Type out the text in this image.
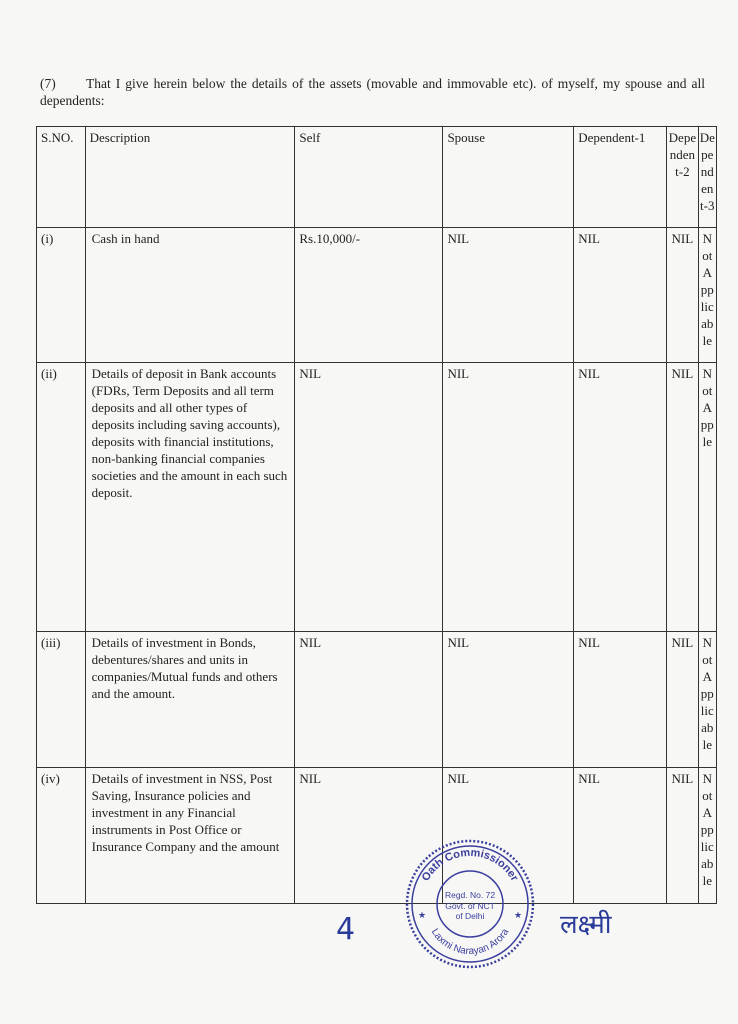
(7) That I give herein below the details of the assets (movable and immovable etc). of myself, my spouse and all dependents:
S.NO.	Description	Self	Spouse	Dependent-1	Dependent-2	Dependent-3
(i)	Cash in hand	Rs.10,000/-	NIL	NIL	NIL	Not Applicable
(ii)	Details of deposit in Bank accounts (FDRs, Term Deposits and all term deposits and all other types of deposits including saving accounts), deposits with financial institutions, non-banking financial companies societies and the amount in each such deposit.	NIL	NIL	NIL	NIL	Not Apple
(iii)	Details of investment in Bonds, debentures/shares and units in companies/Mutual funds and others and the amount.	NIL	NIL	NIL	NIL	Not Applicable
(iv)	Details of investment in NSS, Post Saving, Insurance policies and investment in any Financial instruments in Post Office or Insurance Company and the amount	NIL	NIL	NIL	NIL	Not Applicable
Oath Commissioner
Laxmi Narayan Arora
Regd. No. 72
Govt. of NCT
of Delhi
★	★
4	लक्ष्मी
